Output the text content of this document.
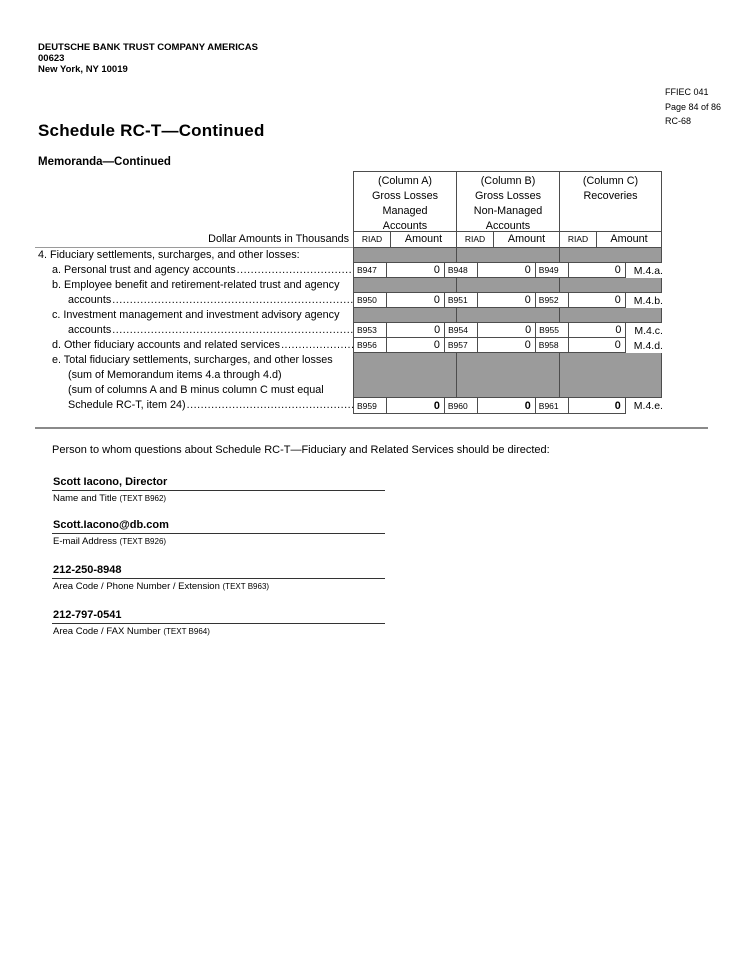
DEUTSCHE BANK TRUST COMPANY AMERICAS
00623
New York, NY 10019
FFIEC 041
Page 84 of 86
RC-68
Schedule RC-T—Continued
Memoranda—Continued
(Column A)
Gross Losses
Managed
Accounts
(Column B)
Gross Losses
Non-Managed
Accounts
(Column C)
Recoveries
Dollar Amounts in Thousands	RIAD	Amount	RIAD	Amount	RIAD	Amount
4. Fiduciary settlements, surcharges, and other losses:
a. Personal trust and agency accounts .....	B947	0 B948	0 B949	0	M.4.a.
b. Employee benefit and retirement-related trust and agency
accounts .....	B950	0 B951	0 B952	0	M.4.b.
c. Investment management and investment advisory agency
accounts .....	B953	0 B954	0 B955	0	M.4.c.
d. Other fiduciary accounts and related services .....	B956	0 B957	0 B958	0	M.4.d.
e. Total fiduciary settlements, surcharges, and other losses
(sum of Memorandum items 4.a through 4.d)
(sum of columns A and B minus column C must equal
Schedule RC-T, item 24) .....	B959	0 B960	0 B961	0	M.4.e.
Person to whom questions about Schedule RC-T—Fiduciary and Related Services should be directed:
Scott Iacono, Director
Name and Title (TEXT B962)
Scott.Iacono@db.com
E-mail Address (TEXT B926)
212-250-8948
Area Code / Phone Number / Extension (TEXT B963)
212-797-0541
Area Code / FAX Number (TEXT B964)
